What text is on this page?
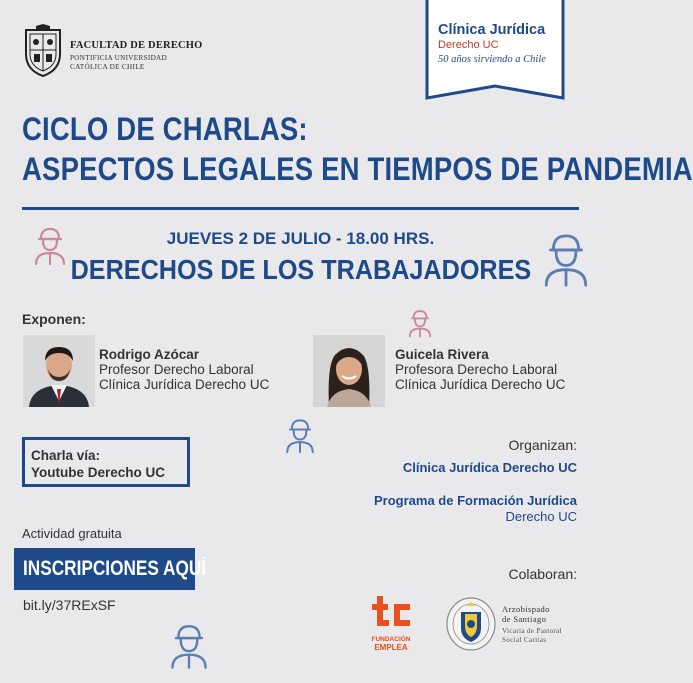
FACULTAD DE DERECHO
PONTIFICIA UNIVERSIDAD
CATÓLICA DE CHILE
Clínica Jurídica
Derecho UC
50 años sirviendo a Chile
CICLO DE CHARLAS:
ASPECTOS LEGALES EN TIEMPOS DE PANDEMIA
JUEVES 2 DE JULIO - 18.00 HRS.
DERECHOS DE LOS TRABAJADORES
Exponen:
Rodrigo Azócar
Profesor Derecho Laboral
Clínica Jurídica Derecho UC
Guicela Rivera
Profesora Derecho Laboral
Clínica Jurídica Derecho UC
Charla vía:
Youtube Derecho UC
Organizan:
Clínica Jurídica Derecho UC
Programa de Formación Jurídica
Derecho UC
Actividad gratuita
INSCRIPCIONES AQUÍ
bit.ly/37RExSF
Colaboran:
FUNDACIÓN
EMPLEA
Arzobispado
de Santiago
Vicaría de Pastoral
Social Caritas
